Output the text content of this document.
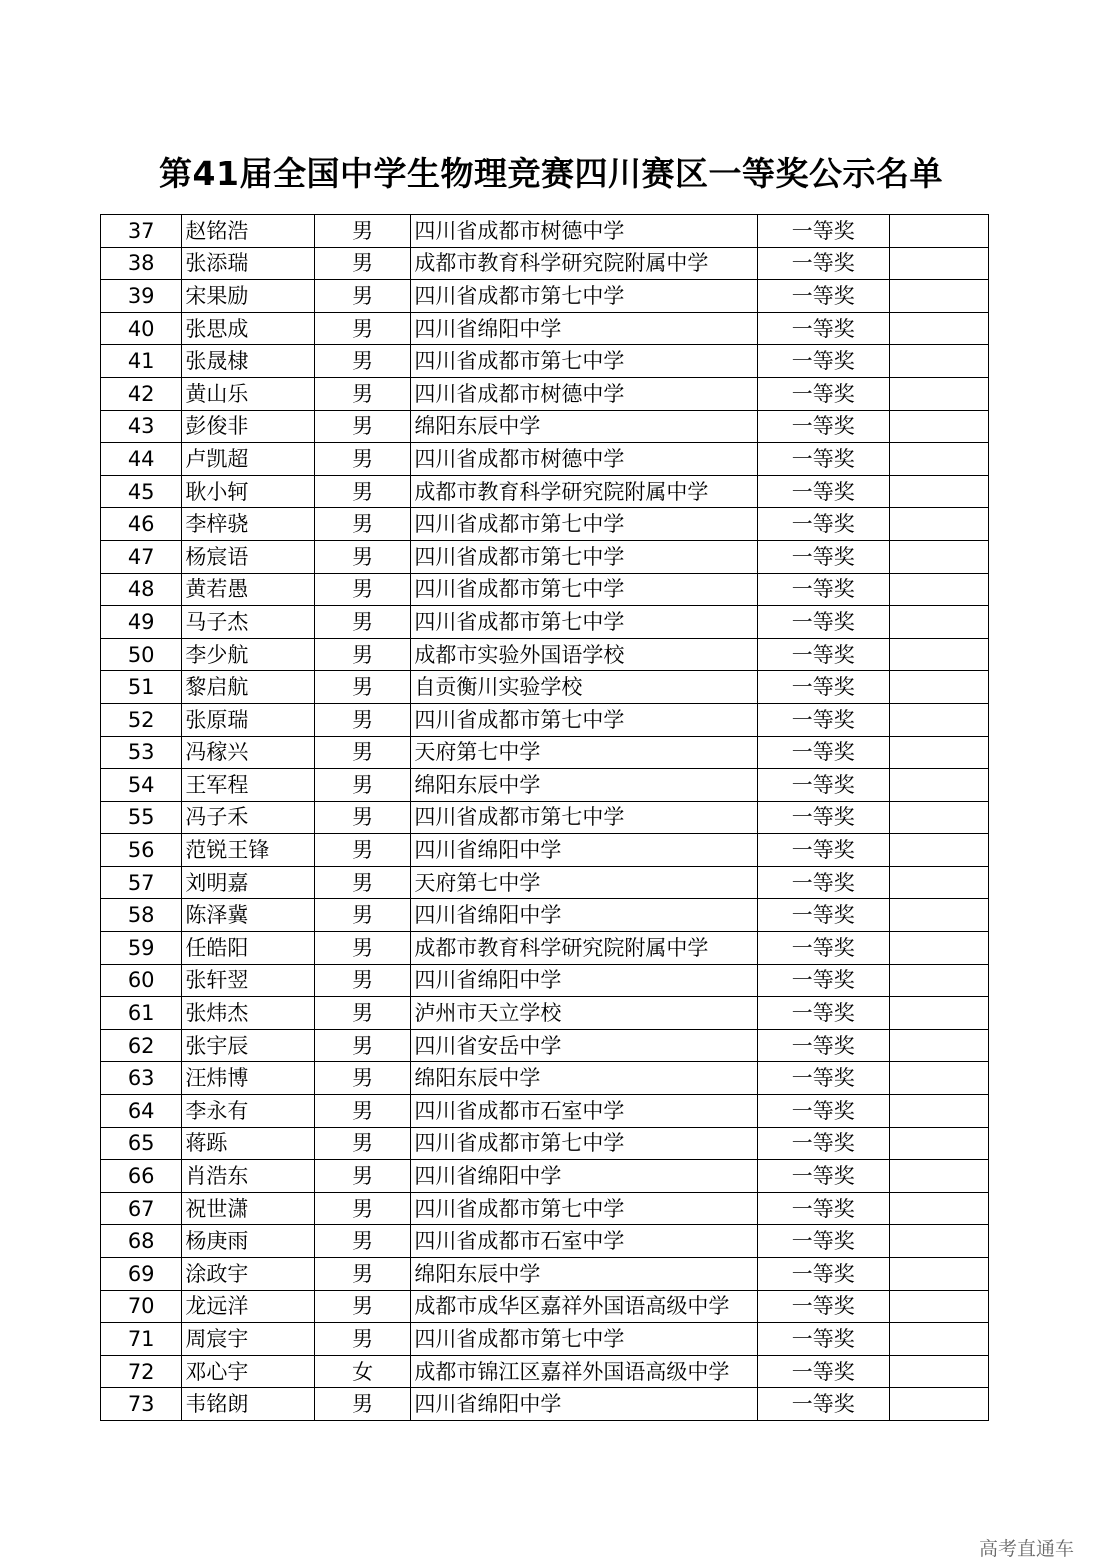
第41届全国中学生物理竞赛四川赛区一等奖公示名单
37	赵铭浩	男	四川省成都市树德中学	一等奖	
38	张添瑞	男	成都市教育科学研究院附属中学	一等奖	
39	宋果励	男	四川省成都市第七中学	一等奖	
40	张思成	男	四川省绵阳中学	一等奖	
41	张晟棣	男	四川省成都市第七中学	一等奖	
42	黄山乐	男	四川省成都市树德中学	一等奖	
43	彭俊非	男	绵阳东辰中学	一等奖	
44	卢凯超	男	四川省成都市树德中学	一等奖	
45	耿小轲	男	成都市教育科学研究院附属中学	一等奖	
46	李梓骁	男	四川省成都市第七中学	一等奖	
47	杨宸语	男	四川省成都市第七中学	一等奖	
48	黄若愚	男	四川省成都市第七中学	一等奖	
49	马子杰	男	四川省成都市第七中学	一等奖	
50	李少航	男	成都市实验外国语学校	一等奖	
51	黎启航	男	自贡衡川实验学校	一等奖	
52	张原瑞	男	四川省成都市第七中学	一等奖	
53	冯稼兴	男	天府第七中学	一等奖	
54	王军程	男	绵阳东辰中学	一等奖	
55	冯子禾	男	四川省成都市第七中学	一等奖	
56	范锐王锋	男	四川省绵阳中学	一等奖	
57	刘明嘉	男	天府第七中学	一等奖	
58	陈泽冀	男	四川省绵阳中学	一等奖	
59	任皓阳	男	成都市教育科学研究院附属中学	一等奖	
60	张轩翌	男	四川省绵阳中学	一等奖	
61	张炜杰	男	泸州市天立学校	一等奖	
62	张宇辰	男	四川省安岳中学	一等奖	
63	汪炜博	男	绵阳东辰中学	一等奖	
64	李永有	男	四川省成都市石室中学	一等奖	
65	蒋跞	男	四川省成都市第七中学	一等奖	
66	肖浩东	男	四川省绵阳中学	一等奖	
67	祝世潇	男	四川省成都市第七中学	一等奖	
68	杨庚雨	男	四川省成都市石室中学	一等奖	
69	涂政宇	男	绵阳东辰中学	一等奖	
70	龙远洋	男	成都市成华区嘉祥外国语高级中学	一等奖	
71	周宸宇	男	四川省成都市第七中学	一等奖	
72	邓心宇	女	成都市锦江区嘉祥外国语高级中学	一等奖	
73	韦铭朗	男	四川省绵阳中学	一等奖	
高考直通车
